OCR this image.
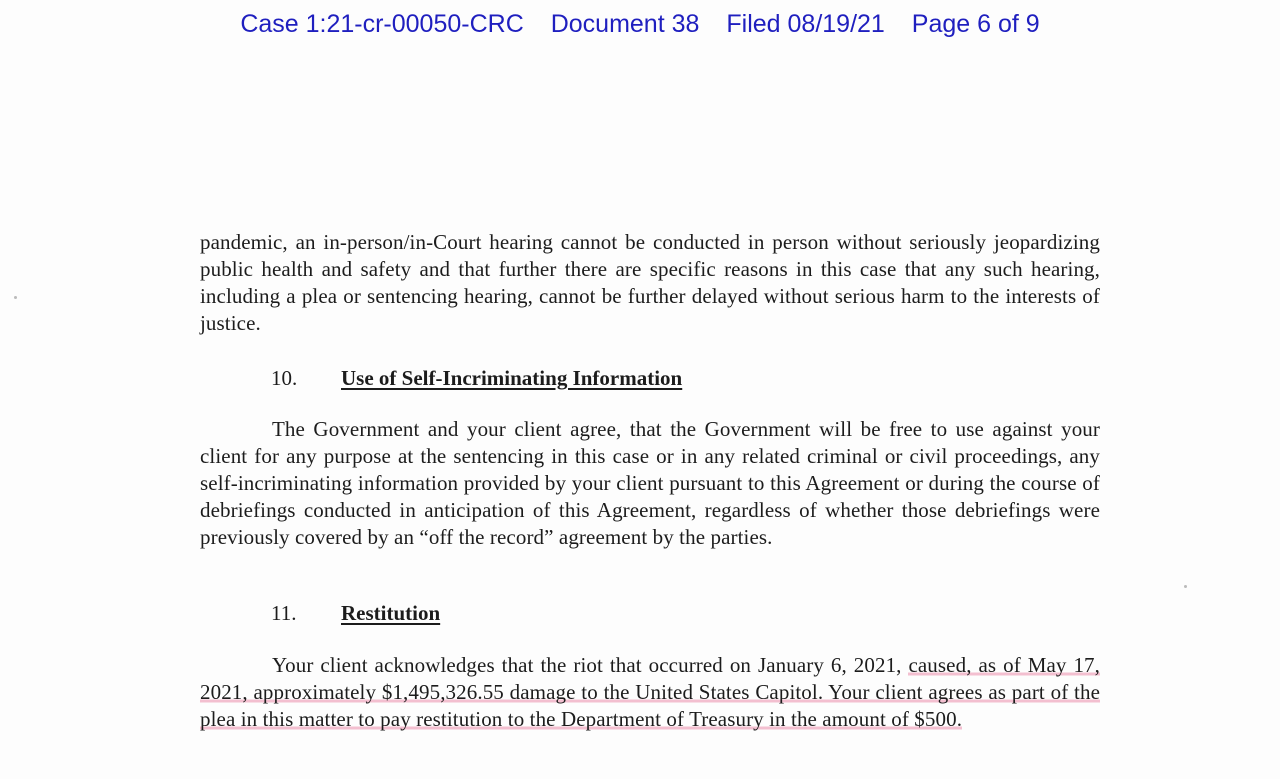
Case 1:21-cr-00050-CRC Document 38 Filed 08/19/21 Page 6 of 9
pandemic, an in-person/in-Court hearing cannot be conducted in person without seriously jeopardizing public health and safety and that further there are specific reasons in this case that any such hearing, including a plea or sentencing hearing, cannot be further delayed without serious harm to the interests of justice.
10. Use of Self-Incriminating Information
The Government and your client agree, that the Government will be free to use against your client for any purpose at the sentencing in this case or in any related criminal or civil proceedings, any self-incriminating information provided by your client pursuant to this Agreement or during the course of debriefings conducted in anticipation of this Agreement, regardless of whether those debriefings were previously covered by an “off the record” agreement by the parties.
11. Restitution
Your client acknowledges that the riot that occurred on January 6, 2021, caused, as of May 17, 2021, approximately $1,495,326.55 damage to the United States Capitol. Your client agrees as part of the plea in this matter to pay restitution to the Department of Treasury in the amount of $500.
